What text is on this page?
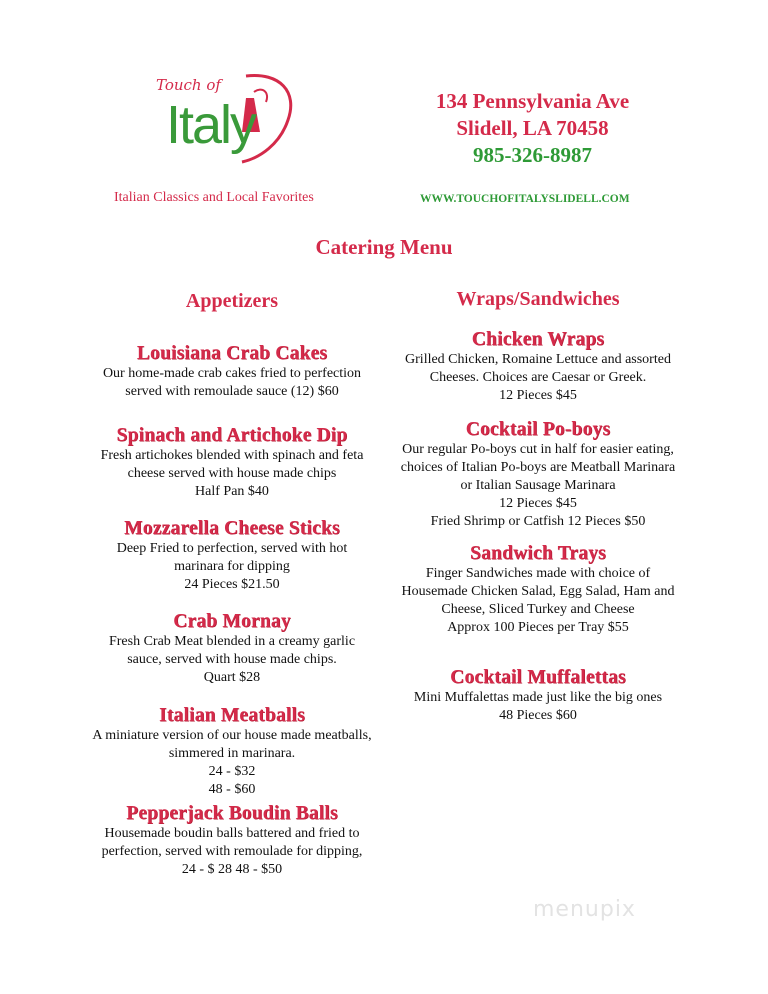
Touch of
Italy
Italian Classics and Local Favorites
134 Pennsylvania Ave
Slidell, LA 70458
985-326-8987
WWW.TOUCHOFITALYSLIDELL.COM
Catering Menu
Appetizers
Louisiana Crab Cakes
Our home-made crab cakes fried to perfection
served with remoulade sauce (12) $60
Spinach and Artichoke Dip
Fresh artichokes blended with spinach and feta
cheese served with house made chips
Half Pan $40
Mozzarella Cheese Sticks
Deep Fried to perfection, served with hot
marinara for dipping
24 Pieces $21.50
Crab Mornay
Fresh Crab Meat blended in a creamy garlic
sauce, served with house made chips.
Quart $28
Italian Meatballs
A miniature version of our house made meatballs,
simmered in marinara.
24 - $32
48 - $60
Pepperjack Boudin Balls
Housemade boudin balls battered and fried to
perfection, served with remoulade for dipping,
24 - $ 28 48 - $50
Wraps/Sandwiches
Chicken Wraps
Grilled Chicken, Romaine Lettuce and assorted
Cheeses. Choices are Caesar or Greek.
12 Pieces $45
Cocktail Po-boys
Our regular Po-boys cut in half for easier eating,
choices of Italian Po-boys are Meatball Marinara
or Italian Sausage Marinara
12 Pieces $45
Fried Shrimp or Catfish 12 Pieces $50
Sandwich Trays
Finger Sandwiches made with choice of
Housemade Chicken Salad, Egg Salad, Ham and
Cheese, Sliced Turkey and Cheese
Approx 100 Pieces per Tray $55
Cocktail Muffalettas
Mini Muffalettas made just like the big ones
48 Pieces $60
menupix
